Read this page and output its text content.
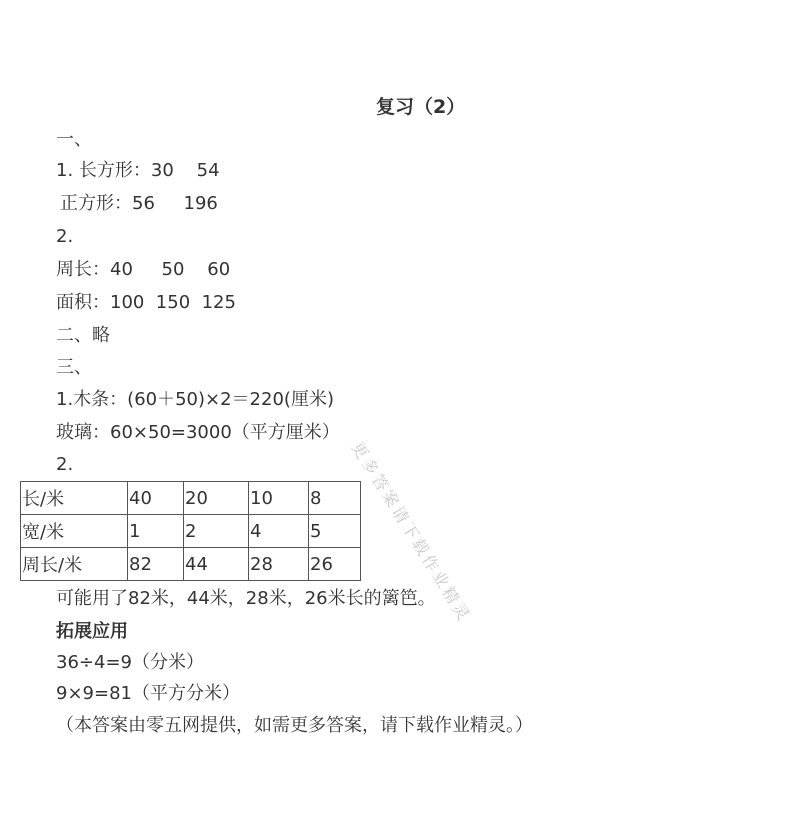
复习（2）
一、
1. 长方形：30    54
正方形：56     196
2.
周长：40     50    60
面积：100  150  125
二、略
三、
1.木条：(60＋50)×2＝220(厘米)
玻璃：60×50=3000（平方厘米）
2.
长/米	40	20	10	8
宽/米	1	2	4	5
周长/米	82	44	28	26
可能用了82米，44米，28米，26米长的篱笆。
拓展应用
36÷4=9（分米）
9×9=81（平方分米）
（本答案由零五网提供，如需更多答案，请下载作业精灵。）
更多答案请下载作业精灵
